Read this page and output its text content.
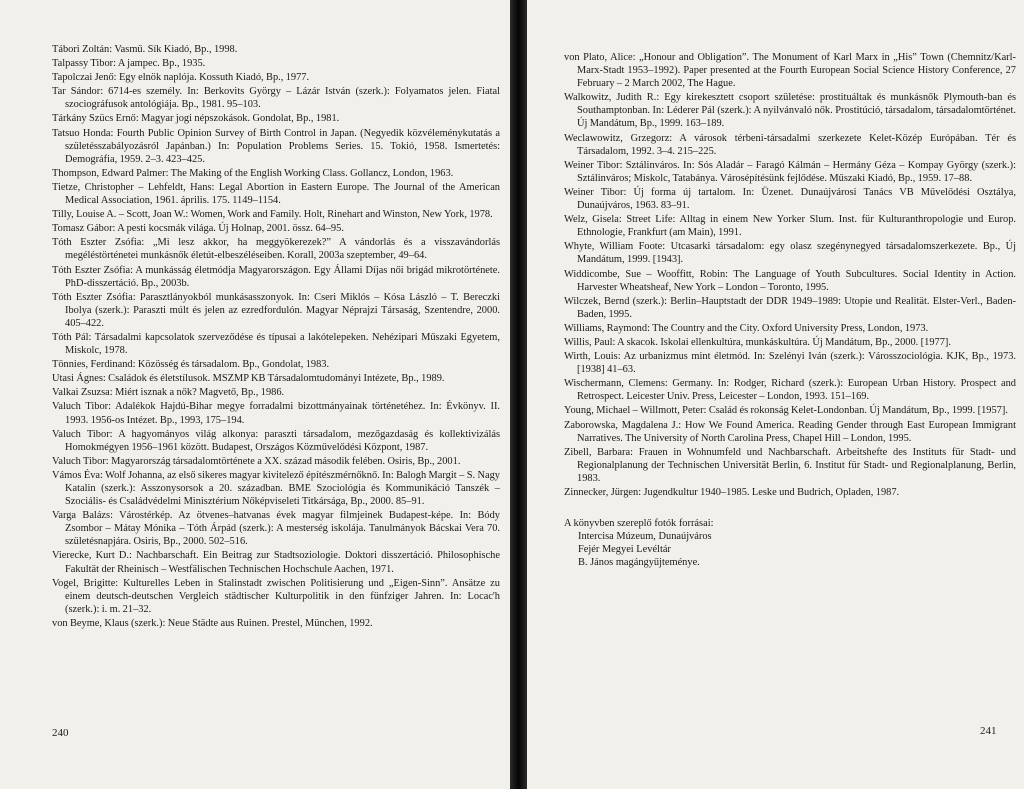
Tábori Zoltán: Vasmű. Sík Kiadó, Bp., 1998.

Talpassy Tibor: A jampec. Bp., 1935.

Tapolczai Jenő: Egy elnök naplója. Kossuth Kiadó, Bp., 1977.

Tar Sándor: 6714-es személy. In: Berkovits György – Lázár István (szerk.): Folyamatos jelen. Fiatal szociográfusok antológiája. Bp., 1981. 95–103.

Tárkány Szücs Ernő: Magyar jogi népszokások. Gondolat, Bp., 1981.

Tatsuo Honda: Fourth Public Opinion Survey of Birth Control in Japan. (Negyedik közvéleménykutatás a születésszabályozásról Japánban.) In: Population Problems Series. 15. Tokió, 1958. Ismertetés: Demográfia, 1959. 2–3. 423–425.

Thompson, Edward Palmer: The Making of the English Working Class. Gollancz, London, 1963.

Tietze, Christopher – Lehfeldt, Hans: Legal Abortion in Eastern Europe. The Journal of the American Medical Association, 1961. április. 175. 1149–1154.

Tilly, Louise A. – Scott, Joan W.: Women, Work and Family. Holt, Rinehart and Winston, New York, 1978.

Tomasz Gábor: A pesti kocsmák világa. Új Holnap, 2001. össz. 64–95.

Tóth Eszter Zsófia: „Mi lesz akkor, ha meggyökerezek?” A vándorlás és a visszavándorlás megéléstörténetei munkásnők életút-elbeszéléseiben. Korall, 2003a szeptember, 49–64.

Tóth Eszter Zsófia: A munkásság életmódja Magyarországon. Egy Állami Díjas női brigád mikrotörténete. PhD-disszertáció. Bp., 2003b.

Tóth Eszter Zsófia: Parasztlányokból munkásasszonyok. In: Cseri Miklós – Kósa László – T. Bereczki Ibolya (szerk.): Paraszti múlt és jelen az ezredfordulón. Magyar Néprajzi Társaság, Szentendre, 2000. 405–422.

Tóth Pál: Társadalmi kapcsolatok szerveződése és típusai a lakótelepeken. Nehézipari Műszaki Egyetem, Miskolc, 1978.

Tönnies, Ferdinand: Közösség és társadalom. Bp., Gondolat, 1983.

Utasi Ágnes: Családok és életstílusok. MSZMP KB Társadalomtudományi Intézete, Bp., 1989.

Valkai Zsuzsa: Miért isznak a nők? Magvető, Bp., 1986.

Valuch Tibor: Adalékok Hajdú-Bihar megye forradalmi bizottmányainak történetéhez. In: Évkönyv. II. 1993. 1956-os Intézet. Bp., 1993, 175–194.

Valuch Tibor: A hagyományos világ alkonya: paraszti társadalom, mezőgazdaság és kollektivizálás Homokmégyen 1956–1961 között. Budapest, Országos Közművelődési Központ, 1987.

Valuch Tibor: Magyarország társadalomtörténete a XX. század második felében. Osiris, Bp., 2001.

Vámos Éva: Wolf Johanna, az első sikeres magyar kivitelező építészmérnőknő. In: Balogh Margit – S. Nagy Katalin (szerk.): Asszonysorsok a 20. században. BME Szociológia és Kommunikáció Tanszék – Szociális- és Családvédelmi Minisztérium Nőképviseleti Titkársága, Bp., 2000. 85–91.

Varga Balázs: Várostérkép. Az ötvenes–hatvanas évek magyar filmjeinek Budapest-képe. In: Bódy Zsombor – Mátay Mónika – Tóth Árpád (szerk.): A mesterség iskolája. Tanulmányok Bácskai Vera 70. születésnapjára. Osiris, Bp., 2000. 502–516.

Viereckе, Kurt D.: Nachbarschaft. Ein Beitrag zur Stadtsoziologie. Doktori disszertáció. Philosophische Fakultät der Rheinisch – Westfälischen Technischen Hochschule Aachen, 1971.

Vogel, Brigitte: Kulturelles Leben in Stalinstadt zwischen Politisierung und „Eigen-Sinn”. Ansätze zu einem deutsch-deutschen Vergleich städtischer Kulturpolitik in den fünfziger Jahren. In: Locac'h (szerk.): i. m. 21–32.

von Beyme, Klaus (szerk.): Neue Städte aus Ruinen. Prestel, München, 1992.

240

von Plato, Alice: „Honour and Obligation”. The Monument of Karl Marx in „His” Town (Chemnitz/Karl-Marx-Stadt 1953–1992). Paper presented at the Fourth European Social Science History Conference, 27 February – 2 March 2002, The Hague.

Walkowitz, Judith R.: Egy kirekesztett csoport születése: prostituáltak és munkásnők Plymouth-ban és Southamptonban. In: Léderer Pál (szerk.): A nyilvánvaló nők. Prostitúció, társadalom, társadalomtörténet. Új Mandátum, Bp., 1999. 163–189.

Weclawowitz, Grzegorz: A városok térbeni-társadalmi szerkezete Kelet-Közép Európában. Tér és Társadalom, 1992. 3–4. 215–225.

Weiner Tibor: Sztálinváros. In: Sós Aladár – Faragó Kálmán – Hermány Géza – Kompay György (szerk.): Sztálinváros; Miskolc, Tatabánya. Városépítésünk fejlődése. Műszaki Kiadó, Bp., 1959. 17–88.

Weiner Tibor: Új forma új tartalom. In: Üzenet. Dunaújvárosi Tanács VB Művelődési Osztálya, Dunaújváros, 1963. 83–91.

Welz, Gisela: Street Life: Alltag in einem New Yorker Slum. Inst. für Kulturanthropologie und Europ. Ethnologie, Frankfurt (am Main), 1991.

Whyte, William Foote: Utcasarki társadalom: egy olasz szegénynegyed társadalomszerkezete. Bp., Új Mandátum, 1999. [1943].

Widdicombe, Sue – Wooffitt, Robin: The Language of Youth Subcultures. Social Identity in Action. Harvester Wheatsheaf, New York – London – Toronto, 1995.

Wilczek, Bernd (szerk.): Berlin–Hauptstadt der DDR 1949–1989: Utopie und Realität. Elster-Verl., Baden-Baden, 1995.

Williams, Raymond: The Country and the City. Oxford University Press, London, 1973.

Willis, Paul: A skacok. Iskolai ellenkultúra, munkáskultúra. Új Mandátum, Bp., 2000. [1977].

Wirth, Louis: Az urbanizmus mint életmód. In: Szelényi Iván (szerk.): Városszociológia. KJK, Bp., 1973. [1938] 41–63.

Wischermann, Clemens: Germany. In: Rodger, Richard (szerk.): European Urban History. Prospect and Retrospect. Leicester Univ. Press, Leicester – London, 1993. 151–169.

Young, Michael – Willmott, Peter: Család és rokonság Kelet-Londonban. Új Mandátum, Bp., 1999. [1957].

Zaborowska, Magdalena J.: How We Found America. Reading Gender through East European Immigrant Narratives. The University of North Carolina Press, Chapel Hill – London, 1995.

Zibell, Barbara: Frauen in Wohnumfeld und Nachbarschaft. Arbeitshefte des Instituts für Stadt- und Regionalplanung der Technischen Universität Berlin, 6. Institut für Stadt- und Regionalplanung, Berlin, 1983.

Zinnecker, Jürgen: Jugendkultur 1940–1985. Leske und Budrich, Opladen, 1987.

A könyvben szereplő fotók forrásai:

Intercisa Múzeum, Dunaújváros

Fejér Megyei Levéltár

B. János magángyűjteménye.

241
